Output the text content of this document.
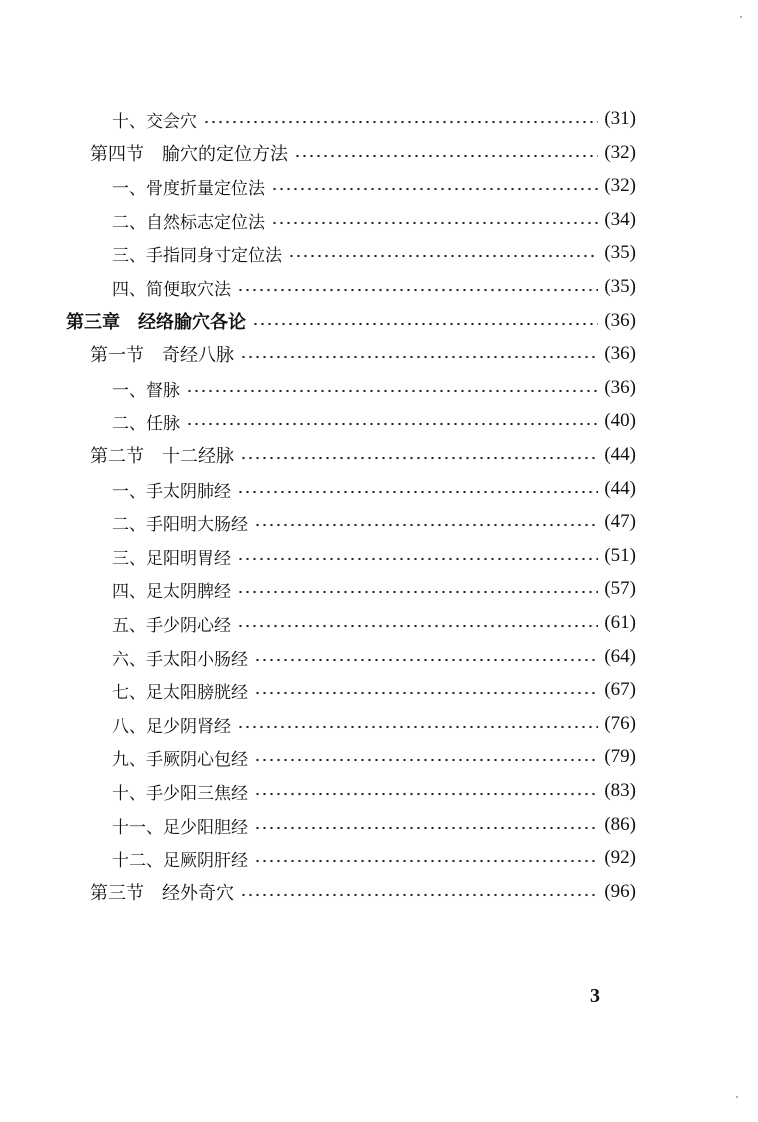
十、交会穴	(31)
第四节　腧穴的定位方法	(32)
一、骨度折量定位法	(32)
二、自然标志定位法	(34)
三、手指同身寸定位法	(35)
四、简便取穴法	(35)
第三章　经络腧穴各论	(36)
第一节　奇经八脉	(36)
一、督脉	(36)
二、任脉	(40)
第二节　十二经脉	(44)
一、手太阴肺经	(44)
二、手阳明大肠经	(47)
三、足阳明胃经	(51)
四、足太阴脾经	(57)
五、手少阴心经	(61)
六、手太阳小肠经	(64)
七、足太阳膀胱经	(67)
八、足少阴肾经	(76)
九、手厥阴心包经	(79)
十、手少阳三焦经	(83)
十一、足少阳胆经	(86)
十二、足厥阴肝经	(92)
第三节　经外奇穴	(96)
3
